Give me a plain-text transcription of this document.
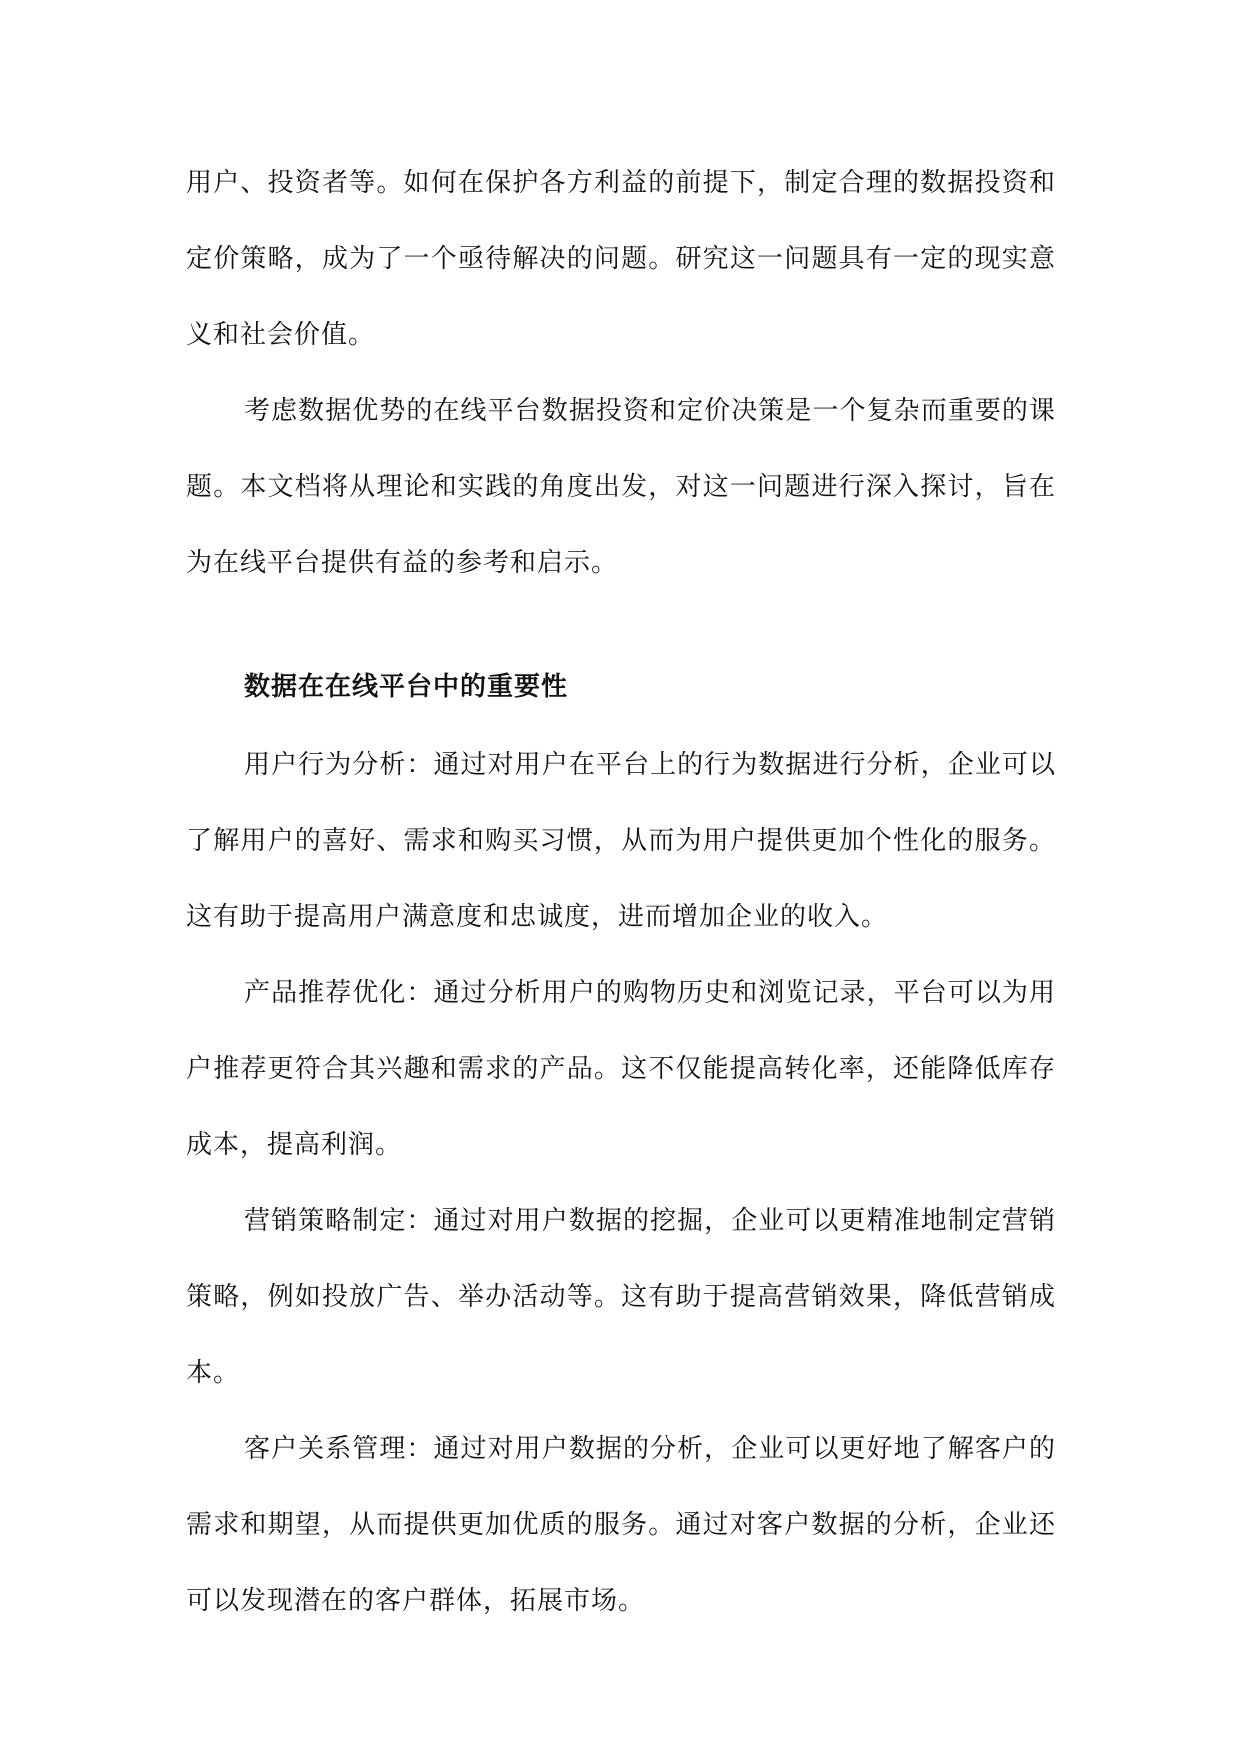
用户、投资者等。如何在保护各方利益的前提下，制定合理的数据投资和定价策略，成为了一个亟待解决的问题。研究这一问题具有一定的现实意义和社会价值。

考虑数据优势的在线平台数据投资和定价决策是一个复杂而重要的课题。本文档将从理论和实践的角度出发，对这一问题进行深入探讨，旨在为在线平台提供有益的参考和启示。

数据在在线平台中的重要性

用户行为分析：通过对用户在平台上的行为数据进行分析，企业可以了解用户的喜好、需求和购买习惯，从而为用户提供更加个性化的服务。这有助于提高用户满意度和忠诚度，进而增加企业的收入。

产品推荐优化：通过分析用户的购物历史和浏览记录，平台可以为用户推荐更符合其兴趣和需求的产品。这不仅能提高转化率，还能降低库存成本，提高利润。

营销策略制定：通过对用户数据的挖掘，企业可以更精准地制定营销策略，例如投放广告、举办活动等。这有助于提高营销效果，降低营销成本。

客户关系管理：通过对用户数据的分析，企业可以更好地了解客户的需求和期望，从而提供更加优质的服务。通过对客户数据的分析，企业还可以发现潜在的客户群体，拓展市场。
